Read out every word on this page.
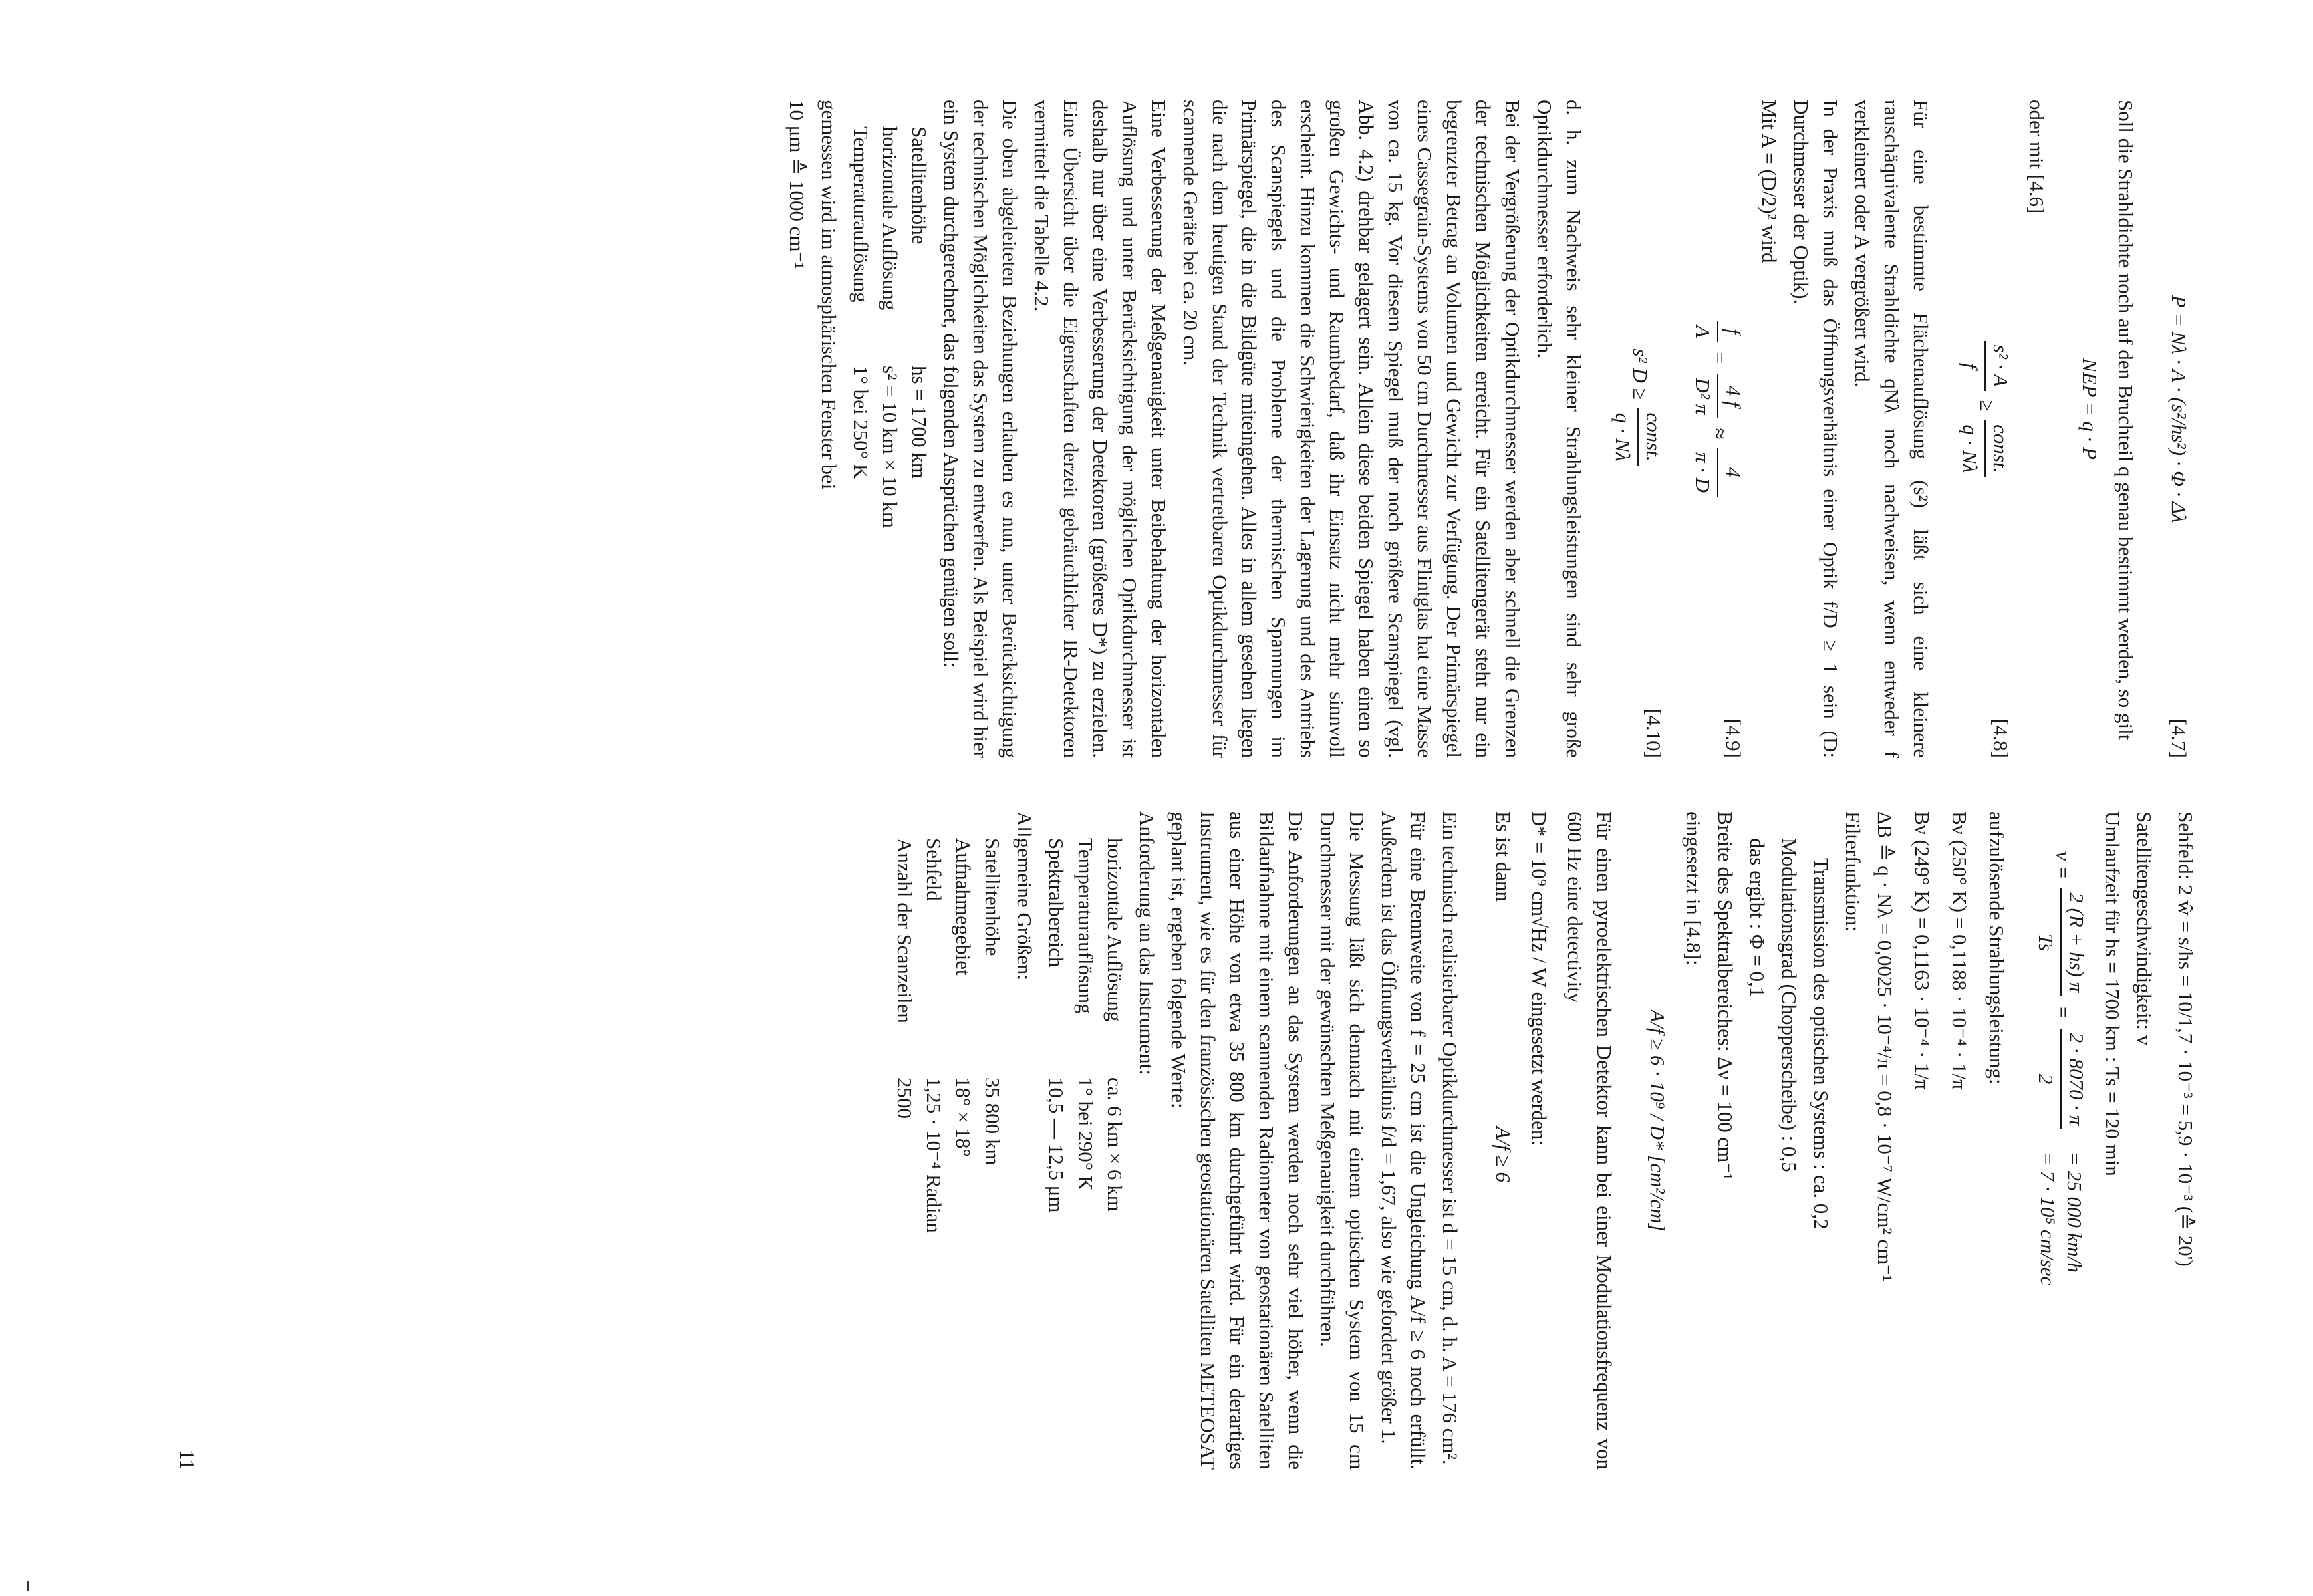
P = Nλ · A · (s²/hs²) · Φ · Δλ
[4.7]

Soll die Strahldichte noch auf den Bruchteil q genau bestimmt werden, so gilt

NEP = q · P

oder mit [4.6]

s² · A
f
≥
const.
q · Nλ
[4.8]

Für eine bestimmte Flächenauflösung (s²) läßt sich eine kleinere rauschäquivalente Strahldichte qNλ noch nachweisen, wenn entweder f verkleinert oder A vergrößert wird.

In der Praxis muß das Öffnungsverhältnis einer Optik f/D ≥ 1 sein (D: Durchmesser der Optik).

Mit A = (D/2)² wird

f
A
=
4 f
D² π
≈
4
π · D
[4.9]
s² D ≥
const.
q · Nλ
[4.10]

d. h. zum Nachweis sehr kleiner Strahlungsleistungen sind sehr große Optikdurchmesser erforderlich.

Bei der Vergrößerung der Optikdurchmesser werden aber schnell die Grenzen der technischen Möglichkeiten erreicht. Für ein Satellitengerät steht nur ein begrenzter Betrag an Volumen und Gewicht zur Verfügung. Der Primärspiegel eines Cassegrain-Systems von 50 cm Durchmesser aus Flintglas hat eine Masse von ca. 15 kg. Vor diesem Spiegel muß der noch größere Scanspiegel (vgl. Abb. 4.2) drehbar gelagert sein. Allein diese beiden Spiegel haben einen so großen Gewichts- und Raumbedarf, daß ihr Einsatz nicht mehr sinnvoll erscheint. Hinzu kommen die Schwierigkeiten der Lagerung und des Antriebs des Scanspiegels und die Probleme der thermischen Spannungen im Primärspiegel, die in die Bildgüte miteingehen. Alles in allem gesehen liegen die nach dem heutigen Stand der Technik vertretbaren Optikdurchmesser für scannende Geräte bei ca. 20 cm.

Eine Verbesserung der Meßgenauigkeit unter Beibehaltung der horizontalen Auflösung und unter Berücksichtigung der möglichen Optikdurchmesser ist deshalb nur über eine Verbesserung der Detektoren (größeres D*) zu erzielen. Eine Übersicht über die Eigenschaften derzeit gebräuchlicher IR-Detektoren vermittelt die Tabelle 4.2.

Die oben abgeleiteten Beziehungen erlauben es nun, unter Berücksichtigung der technischen Möglichkeiten das System zu entwerfen. Als Beispiel wird hier ein System durchgerechnet, das folgenden Ansprüchen genügen soll:

Satellitenhöhe
hs = 1700 km
horizontale Auflösung
s² = 10 km × 10 km
Temperaturauflösung
1° bei 250° K

gemessen wird im atmosphärischen Fenster bei

10 μm ≙ 1000 cm⁻¹

Sehfeld: 2 ŵ = s/hs = 10/1,7 · 10⁻³ = 5,9 · 10⁻³ (≙ 20')

Satellitengeschwindigkeit: v

Umlaufzeit für hs = 1700 km : Ts = 120 min

v =
2 (R + hs) π
Ts
=
2 · 8070 · π
2

= 25 000 km/h
= 7 · 10⁵ cm/sec

aufzulösende Strahlungsleistung:

Bν (250° K) = 0,1188 · 10⁻⁴ · 1/π

Bν (249° K) = 0,1163 · 10⁻⁴ · 1/π

ΔB ≙ q · Nλ = 0,0025 · 10⁻⁴/π = 0,8 · 10⁻⁷ W/cm² cm⁻¹

Filterfunktion:

Transmission des optischen Systems : ca. 0,2

Modulationsgrad (Chopperscheibe) : 0,5

das ergibt : Φ = 0,1

Breite des Spektralbereiches: Δν = 100 cm⁻¹

eingesetzt in [4.8]:

A/f ≥ 6 · 10⁹ / D* [cm²/cm]

Für einen pyroelektrischen Detektor kann bei einer Modulationsfrequenz von 600 Hz eine detectivity

D* = 10⁹ cm√Hz / W eingesetzt werden:

Es ist dann A/f ≥ 6

Ein technisch realisierbarer Optikdurchmesser ist d = 15 cm, d. h. A = 176 cm².

Für eine Brennweite von f = 25 cm ist die Ungleichung A/f ≥ 6 noch erfüllt. Außerdem ist das Öffnungsverhältnis f/d = 1,67, also wie gefordert größer 1.

Die Messung läßt sich demnach mit einem optischen System von 15 cm Durchmesser mit der gewünschten Meßgenauigkeit durchführen.

Die Anforderungen an das System werden noch sehr viel höher, wenn die Bildaufnahme mit einem scannenden Radiometer von geostationären Satelliten aus einer Höhe von etwa 35 800 km durchgeführt wird. Für ein derartiges Instrument, wie es für den französischen geostationären Satelliten METEOSAT geplant ist, ergeben folgende Werte:

Anforderung an das Instrument:

horizontale Auflösung
ca. 6 km × 6 km
Temperaturauflösung
1° bei 290° K
Spektralbereich
10,5 — 12,5 μm

Allgemeine Größen:

Satellitenhöhe
35 800 km
Aufnahmegebiet
18° × 18°
Sehfeld
1,25 · 10⁻⁴ Radian
Anzahl der Scanzeilen
2500
11
